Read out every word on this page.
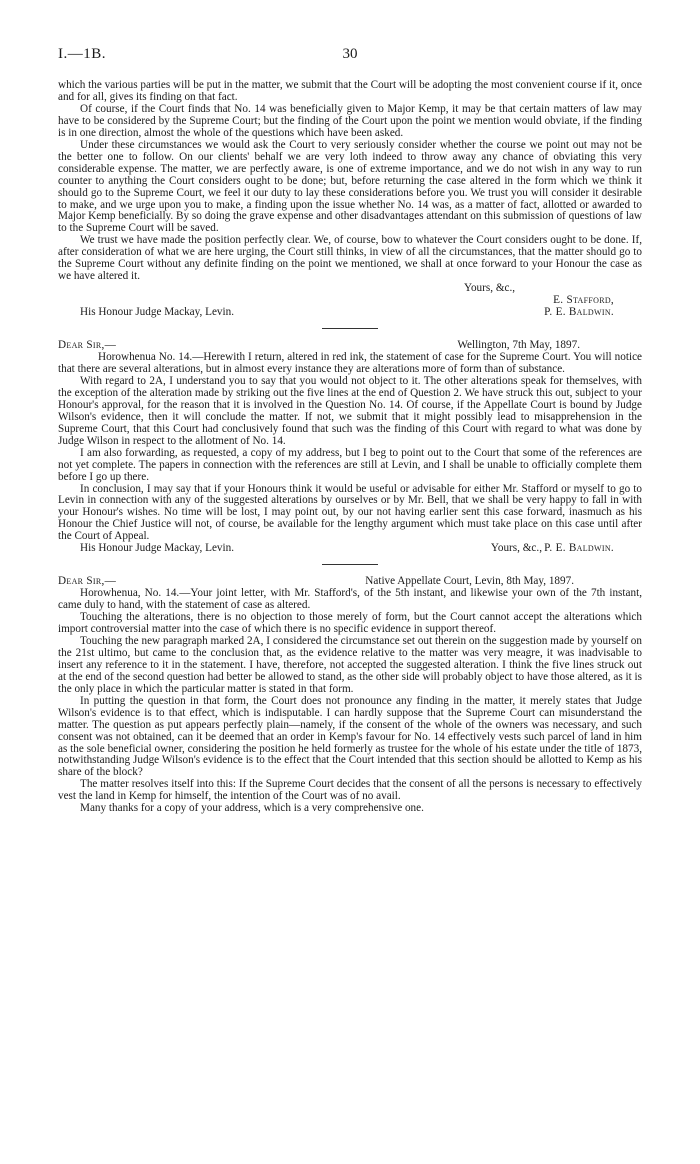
I.—1B.	30

which the various parties will be put in the matter, we submit that the Court will be adopting the most convenient course if it, once and for all, gives its finding on that fact.

Of course, if the Court finds that No. 14 was beneficially given to Major Kemp, it may be that certain matters of law may have to be considered by the Supreme Court; but the finding of the Court upon the point we mention would obviate, if the finding is in one direction, almost the whole of the questions which have been asked.

Under these circumstances we would ask the Court to very seriously consider whether the course we point out may not be the better one to follow. On our clients' behalf we are very loth indeed to throw away any chance of obviating this very considerable expense. The matter, we are perfectly aware, is one of extreme importance, and we do not wish in any way to run counter to anything the Court considers ought to be done; but, before returning the case altered in the form which we think it should go to the Supreme Court, we feel it our duty to lay these considerations before you. We trust you will consider it desirable to make, and we urge upon you to make, a finding upon the issue whether No. 14 was, as a matter of fact, allotted or awarded to Major Kemp beneficially. By so doing the grave expense and other disadvantages attendant on this submission of questions of law to the Supreme Court will be saved.

We trust we have made the position perfectly clear. We, of course, bow to whatever the Court considers ought to be done. If, after consideration of what we are here urging, the Court still thinks, in view of all the circumstances, that the matter should go to the Supreme Court without any definite finding on the point we mentioned, we shall at once forward to your Honour the case as we have altered it.

Yours, &c.,

E. Stafford,

His Honour Judge Mackay, Levin.	P. E. Baldwin.
Dear Sir,—	Wellington, 7th May, 1897.

Horowhenua No. 14.—Herewith I return, altered in red ink, the statement of case for the Supreme Court. You will notice that there are several alterations, but in almost every instance they are alterations more of form than of substance.

With regard to 2A, I understand you to say that you would not object to it. The other alterations speak for themselves, with the exception of the alteration made by striking out the five lines at the end of Question 2. We have struck this out, subject to your Honour's approval, for the reason that it is involved in the Question No. 14. Of course, if the Appellate Court is bound by Judge Wilson's evidence, then it will conclude the matter. If not, we submit that it might possibly lead to misapprehension in the Supreme Court, that this Court had conclusively found that such was the finding of this Court with regard to what was done by Judge Wilson in respect to the allotment of No. 14.

I am also forwarding, as requested, a copy of my address, but I beg to point out to the Court that some of the references are not yet complete. The papers in connection with the references are still at Levin, and I shall be unable to officially complete them before I go up there.

In conclusion, I may say that if your Honours think it would be useful or advisable for either Mr. Stafford or myself to go to Levin in connection with any of the suggested alterations by ourselves or by Mr. Bell, that we shall be very happy to fall in with your Honour's wishes. No time will be lost, I may point out, by our not having earlier sent this case forward, inasmuch as his Honour the Chief Justice will not, of course, be available for the lengthy argument which must take place on this case until after the Court of Appeal.

His Honour Judge Mackay, Levin.	Yours, &c., P. E. Baldwin.

Dear Sir,—	Native Appellate Court, Levin, 8th May, 1897.

Horowhenua, No. 14.—Your joint letter, with Mr. Stafford's, of the 5th instant, and likewise your own of the 7th instant, came duly to hand, with the statement of case as altered.

Touching the alterations, there is no objection to those merely of form, but the Court cannot accept the alterations which import controversial matter into the case of which there is no specific evidence in support thereof.

Touching the new paragraph marked 2A, I considered the circumstance set out therein on the suggestion made by yourself on the 21st ultimo, but came to the conclusion that, as the evidence relative to the matter was very meagre, it was inadvisable to insert any reference to it in the statement. I have, therefore, not accepted the suggested alteration. I think the five lines struck out at the end of the second question had better be allowed to stand, as the other side will probably object to have those altered, as it is the only place in which the particular matter is stated in that form.

In putting the question in that form, the Court does not pronounce any finding in the matter, it merely states that Judge Wilson's evidence is to that effect, which is indisputable. I can hardly suppose that the Supreme Court can misunderstand the matter. The question as put appears perfectly plain—namely, if the consent of the whole of the owners was necessary, and such consent was not obtained, can it be deemed that an order in Kemp's favour for No. 14 effectively vests such parcel of land in him as the sole beneficial owner, considering the position he held formerly as trustee for the whole of his estate under the title of 1873, notwithstanding Judge Wilson's evidence is to the effect that the Court intended that this section should be allotted to Kemp as his share of the block?

The matter resolves itself into this: If the Supreme Court decides that the consent of all the persons is necessary to effectively vest the land in Kemp for himself, the intention of the Court was of no avail.

Many thanks for a copy of your address, which is a very comprehensive one.
